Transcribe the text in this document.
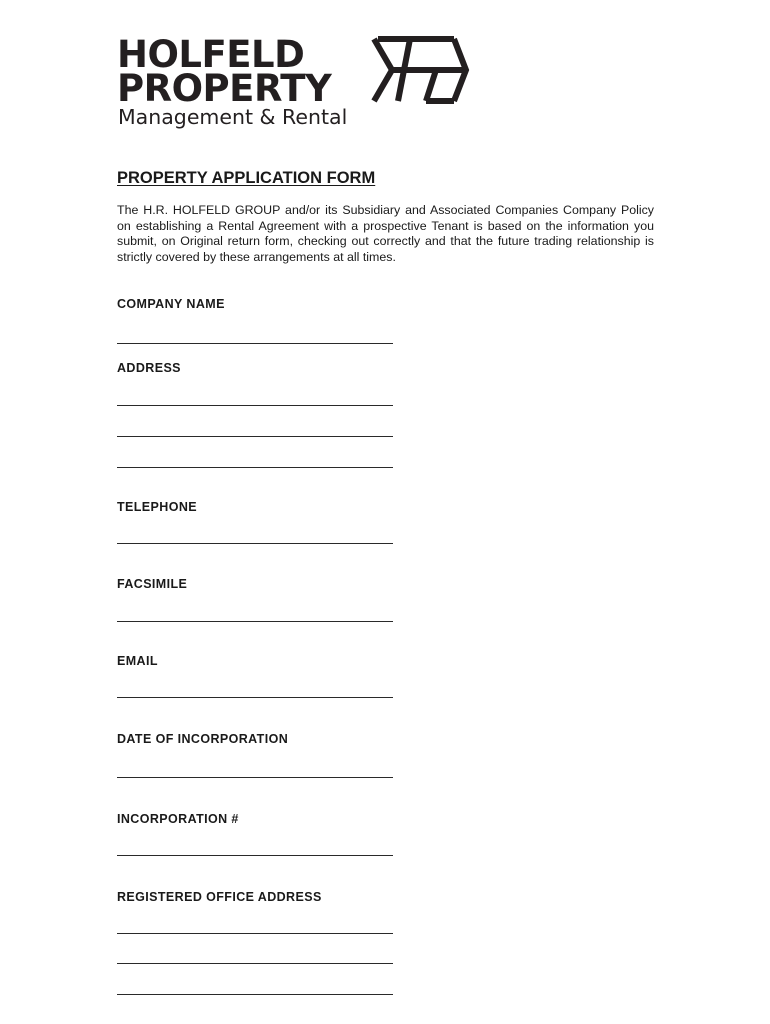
HOLFELD
PROPERTY
Management & Rental
PROPERTY APPLICATION FORM
The H.R. HOLFELD GROUP and/or its Subsidiary and Associated Companies Company Policy on establishing a Rental Agreement with a prospective Tenant is based on the information you submit, on Original return form, checking out correctly and that the future trading relationship is strictly covered by these arrangements at all times.
COMPANY NAME
ADDRESS
TELEPHONE
FACSIMILE
EMAIL
DATE OF INCORPORATION
INCORPORATION #
REGISTERED OFFICE ADDRESS
